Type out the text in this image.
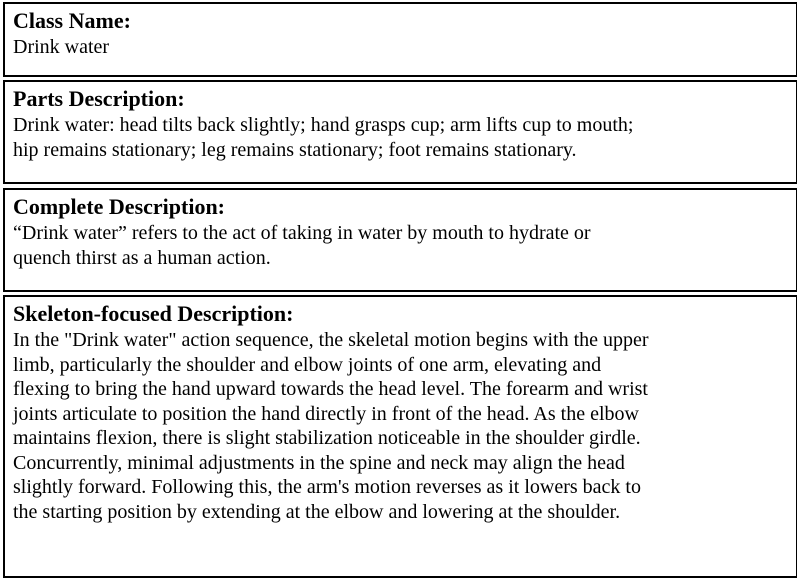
Class Name:
Drink water
Parts Description:
Drink water: head tilts back slightly; hand grasps cup; arm lifts cup to mouth;
hip remains stationary; leg remains stationary; foot remains stationary.
Complete Description:
“Drink water” refers to the act of taking in water by mouth to hydrate or
quench thirst as a human action.
Skeleton-focused Description:
In the "Drink water" action sequence, the skeletal motion begins with the upper
limb, particularly the shoulder and elbow joints of one arm, elevating and
flexing to bring the hand upward towards the head level. The forearm and wrist
joints articulate to position the hand directly in front of the head. As the elbow
maintains flexion, there is slight stabilization noticeable in the shoulder girdle.
Concurrently, minimal adjustments in the spine and neck may align the head
slightly forward. Following this, the arm's motion reverses as it lowers back to
the starting position by extending at the elbow and lowering at the shoulder.
